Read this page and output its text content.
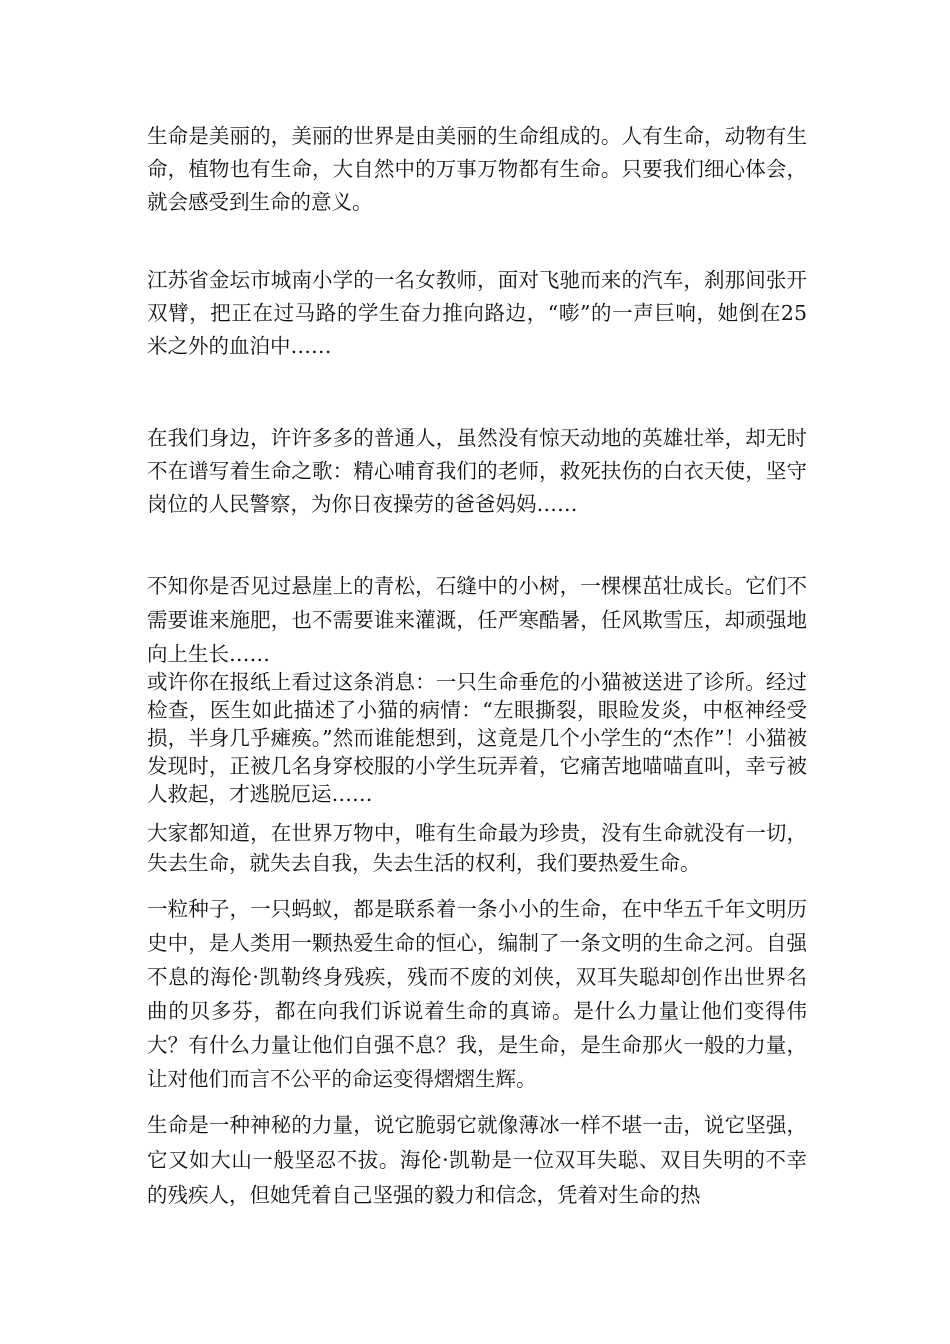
生命是美丽的，美丽的世界是由美丽的生命组成的。人有生命，动物有生命，植物也有生命，大自然中的万事万物都有生命。只要我们细心体会，就会感受到生命的意义。

江苏省金坛市城南小学的一名女教师，面对飞驰而来的汽车，刹那间张开双臂，把正在过马路的学生奋力推向路边，“嘭”的一声巨响，她倒在25米之外的血泊中……

在我们身边，许许多多的普通人，虽然没有惊天动地的英雄壮举，却无时不在谱写着生命之歌：精心哺育我们的老师，救死扶伤的白衣天使，坚守岗位的人民警察，为你日夜操劳的爸爸妈妈……

不知你是否见过悬崖上的青松，石缝中的小树，一棵棵茁壮成长。它们不需要谁来施肥，也不需要谁来灌溉，任严寒酷暑，任风欺雪压，却顽强地向上生长……

或许你在报纸上看过这条消息：一只生命垂危的小猫被送进了诊所。经过检查，医生如此描述了小猫的病情：“左眼撕裂，眼睑发炎，中枢神经受损，半身几乎瘫痪。”然而谁能想到，这竟是几个小学生的“杰作”！小猫被发现时，正被几名身穿校服的小学生玩弄着，它痛苦地喵喵直叫，幸亏被人救起，才逃脱厄运……

大家都知道，在世界万物中，唯有生命最为珍贵，没有生命就没有一切，失去生命，就失去自我，失去生活的权利，我们要热爱生命。

一粒种子，一只蚂蚁，都是联系着一条小小的生命，在中华五千年文明历史中，是人类用一颗热爱生命的恒心，编制了一条文明的生命之河。自强不息的海伦·凯勒终身残疾，残而不废的刘侠，双耳失聪却创作出世界名曲的贝多芬，都在向我们诉说着生命的真谛。是什么力量让他们变得伟大？有什么力量让他们自强不息？我，是生命，是生命那火一般的力量，让对他们而言不公平的命运变得熠熠生辉。

生命是一种神秘的力量，说它脆弱它就像薄冰一样不堪一击，说它坚强，它又如大山一般坚忍不拔。海伦·凯勒是一位双耳失聪、双目失明的不幸的残疾人，但她凭着自己坚强的毅力和信念，凭着对生命的热
